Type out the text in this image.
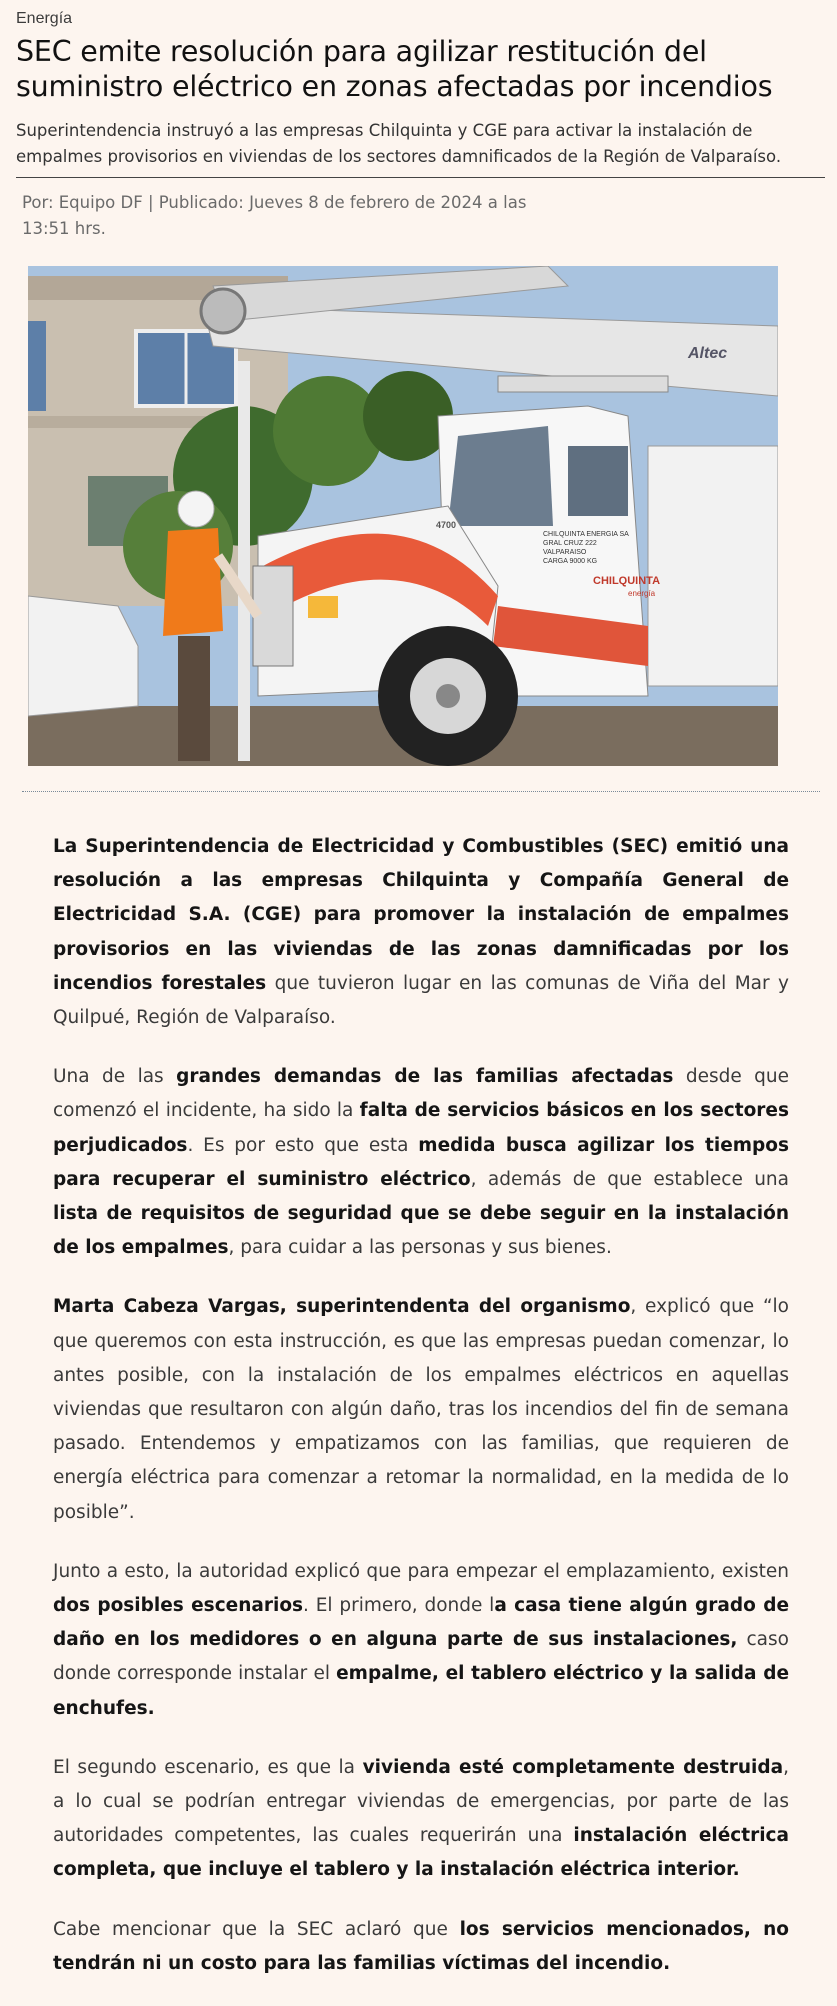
Energía
SEC emite resolución para agilizar restitución del suministro eléctrico en zonas afectadas por incendios
Superintendencia instruyó a las empresas Chilquinta y CGE para activar la instalación de empalmes provisorios en viviendas de los sectores damnificados de la Región de Valparaíso.
Por: Equipo DF | Publicado: Jueves 8 de febrero de 2024 a las 13:51 hrs.
CHILQUINTA ENERGIA SA
GRAL CRUZ 222
VALPARAISO
CARGA 9000 KG
CHILQUINTA
energía
4700
Altec

La Superintendencia de Electricidad y Combustibles (SEC) emitió una resolución a las empresas Chilquinta y Compañía General de Electricidad S.A. (CGE) para promover la instalación de empalmes provisorios en las viviendas de las zonas damnificadas por los incendios forestales que tuvieron lugar en las comunas de Viña del Mar y Quilpué, Región de Valparaíso.

Una de las grandes demandas de las familias afectadas desde que comenzó el incidente, ha sido la falta de servicios básicos en los sectores perjudicados. Es por esto que esta medida busca agilizar los tiempos para recuperar el suministro eléctrico, además de que establece una lista de requisitos de seguridad que se debe seguir en la instalación de los empalmes, para cuidar a las personas y sus bienes.

Marta Cabeza Vargas, superintendenta del organismo, explicó que “lo que queremos con esta instrucción, es que las empresas puedan comenzar, lo antes posible, con la instalación de los empalmes eléctricos en aquellas viviendas que resultaron con algún daño, tras los incendios del fin de semana pasado. Entendemos y empatizamos con las familias, que requieren de energía eléctrica para comenzar a retomar la normalidad, en la medida de lo posible”.

Junto a esto, la autoridad explicó que para empezar el emplazamiento, existen dos posibles escenarios. El primero, donde la casa tiene algún grado de daño en los medidores o en alguna parte de sus instalaciones, caso donde corresponde instalar el empalme, el tablero eléctrico y la salida de enchufes.

El segundo escenario, es que la vivienda esté completamente destruida, a lo cual se podrían entregar viviendas de emergencias, por parte de las autoridades competentes, las cuales requerirán una instalación eléctrica completa, que incluye el tablero y la instalación eléctrica interior.

Cabe mencionar que la SEC aclaró que los servicios mencionados, no tendrán ni un costo para las familias víctimas del incendio.
